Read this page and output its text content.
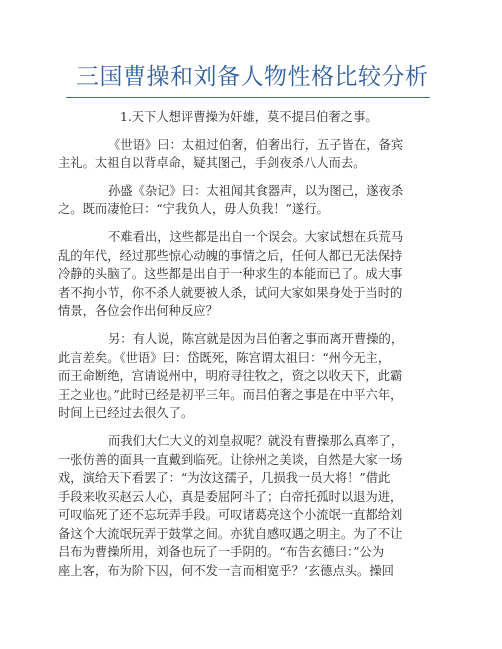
三国曹操和刘备人物性格比较分析
1.天下人想评曹操为奸雄，莫不提吕伯奢之事。
《世语》曰：太祖过伯奢，伯奢出行，五子皆在，备宾
主礼。太祖自以背卓命，疑其图己，手剑夜杀八人而去。
孙盛《杂记》曰：太祖闻其食器声，以为图己，遂夜杀
之。既而凄怆曰：“宁我负人，毋人负我！”遂行。
不难看出，这些都是出自一个误会。大家试想在兵荒马
乱的年代，经过那些惊心动魄的事情之后，任何人都已无法保持
冷静的头脑了。这些都是出自于一种求生的本能而已了。成大事
者不拘小节，你不杀人就要被人杀，试问大家如果身处于当时的
情景，各位会作出何种反应？
另：有人说，陈宫就是因为吕伯奢之事而离开曹操的，
此言差矣。《世语》曰：岱既死，陈宫谓太祖曰：“州今无主，
而王命断绝，宫请说州中，明府寻往牧之，资之以收天下，此霸
王之业也。”此时已经是初平三年。而吕伯奢之事是在中平六年，
时间上已经过去很久了。
而我们大仁大义的刘皇叔呢？就没有曹操那么真率了，
一张仿善的面具一直戴到临死。让徐州之美谈，自然是大家一场
戏，演给天下看罢了：“为汝这孺子，几损我一员大将！”借此
手段来收买赵云人心，真是委屈阿斗了；白帝托孤时以退为进，
可叹临死了还不忘玩弄手段。可叹诸葛亮这个小流氓一直都给刘
备这个大流氓玩弄于鼓掌之间。亦犹自感叹遇之明主。为了不让
吕布为曹操所用，刘备也玩了一手阴的。“布告玄德曰：”公为
座上客，布为阶下囚，何不发一言而相宽乎？‘玄德点头。操回
